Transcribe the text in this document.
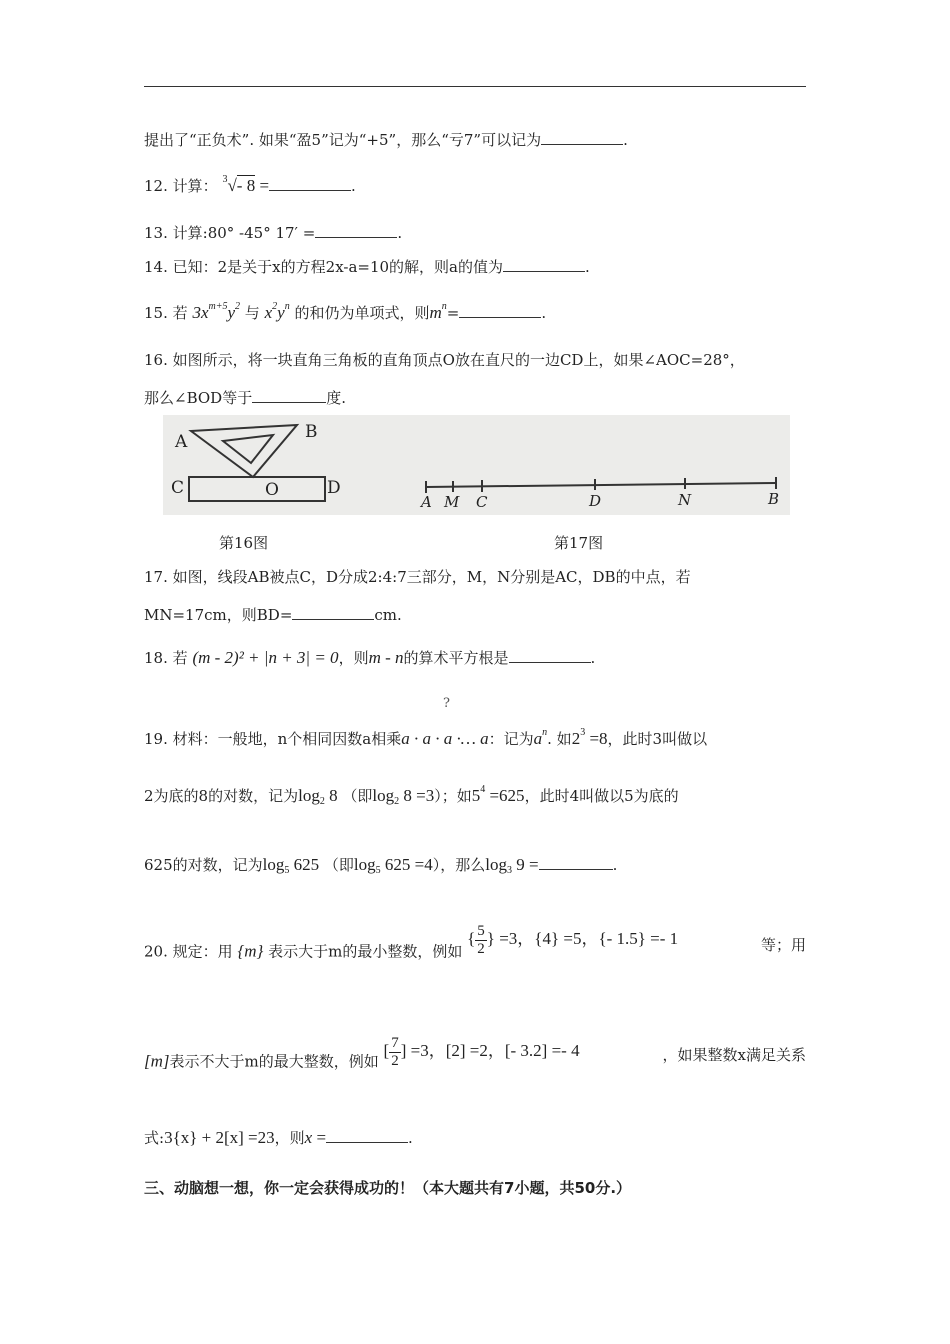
提出了“正负术”. 如果“盈5”记为“+5”，那么“亏7”可以记为	.
12. 计算： $^3$√- 8 =	.
13. 计算:80° -45° 17′ =	.
14. 已知：2是关于x的方程2x-a=10的解，则a的值为	.
15. 若 $3x^{m+5}y^2$ 与 $x^2y^n$ 的和仍为单项式，则$m^n=$	.
16. 如图所示，将一块直角三角板的直角顶点O放在直尺的一边CD上，如果∠AOC=28°，
那么∠BOD等于	度.
A	B
C	O	D
A M C	D	N	B
第16图	第17图
17. 如图，线段AB被点C，D分成2:4:7三部分，M，N分别是AC，DB的中点，若
MN=17cm，则BD=	cm.
18. 若 (m - 2)² + |n + 3| = 0，则m - n的算术平方根是	.
?
19. 材料：一般地，n个相同因数a相乘a · a · a ·… a：记为$a^n$. 如$2^3 =8$，此时3叫做以
2为底的8的对数，记为$\log_2 8$ （即$\log_2 8 =3$）；如$5^4 =625$，此时4叫做以5为底的
625的对数，记为$\log_5 625$ （即$\log_5 625 =4$），那么$\log_3 9$ =	.
20. 规定：用 {m} 表示大于m的最小整数，例如 { $\frac{5}{2}$ } =3，{4} =5，{- 1.5} =- 1	等；用
[m]表示不大于m的最大整数，例如 [ $\frac{7}{2}$ ] =3，[2] =2，[- 3.2] =- 4	，如果整数x满足关系
式:3{x} + 2[x] =23，则x =	.
三、动脑想一想，你一定会获得成功的！（本大题共有7小题，共50分.）
